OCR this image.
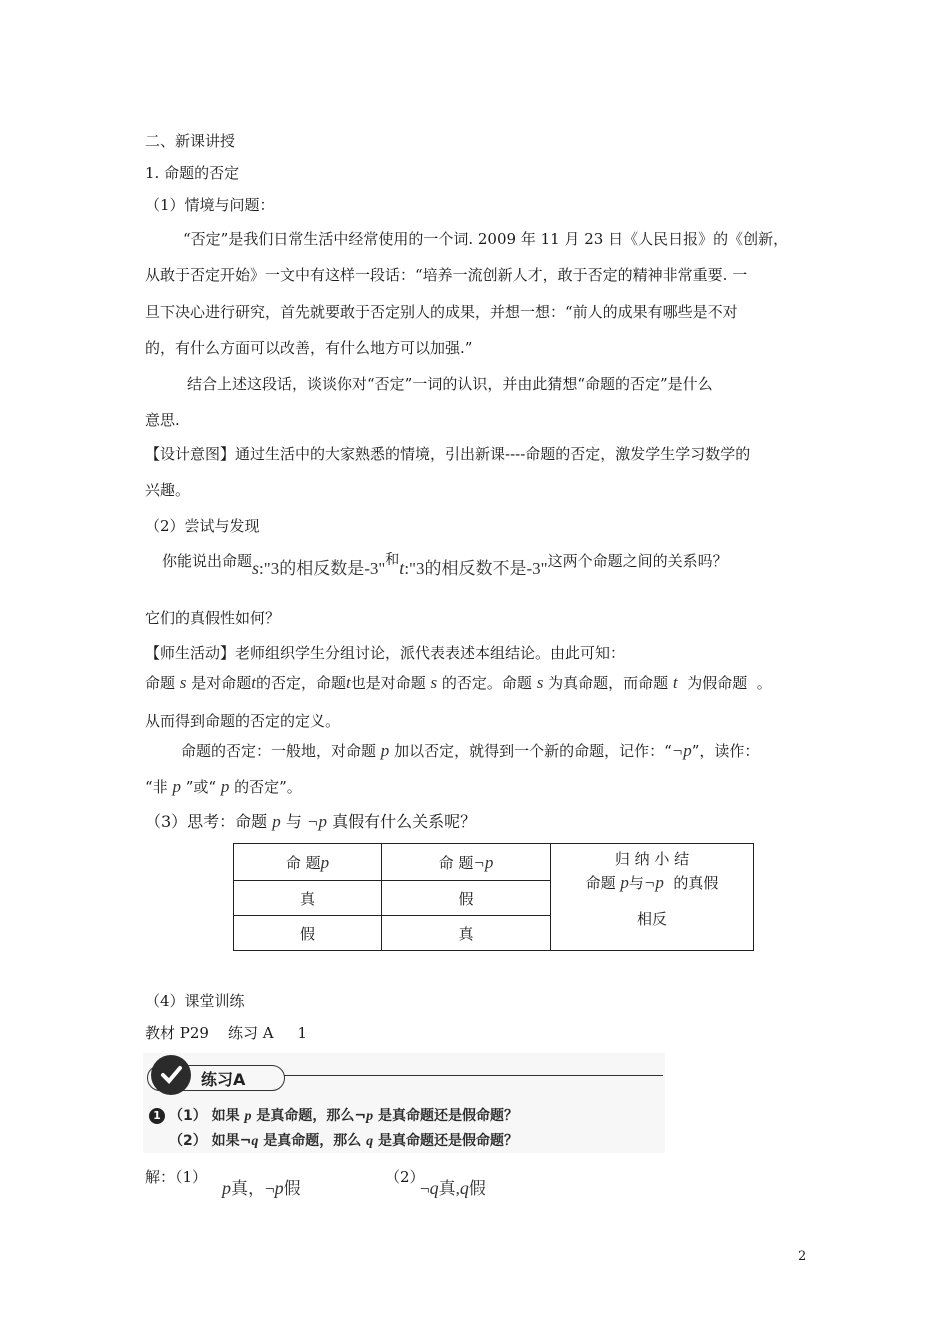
二、新课讲授
1. 命题的否定
（1）情境与问题：
“否定”是我们日常生活中经常使用的一个词. 2009 年 11 月 23 日《人民日报》的《创新，
从敢于否定开始》一文中有这样一段话：“培养一流创新人才，敢于否定的精神非常重要. 一
旦下决心进行研究，首先就要敢于否定别人的成果，并想一想：“前人的成果有哪些是不对
的，有什么方面可以改善，有什么地方可以加强.”
结合上述这段话，谈谈你对“否定”一词的认识，并由此猜想“命题的否定”是什么
意思.
【设计意图】通过生活中的大家熟悉的情境，引出新课----命题的否定，激发学生学习数学的
兴趣。
（2）尝试与发现
你能说出命题s:"3的相反数是-3"和t:"3的相反数不是-3"这两个命题之间的关系吗？
它们的真假性如何？
【师生活动】老师组织学生分组讨论，派代表表述本组结论。由此可知：
命题 s 是对命题t的否定，命题t也是对命题 s 的否定。命题 s 为真命题，而命题 t 为假命题 。
从而得到命题的否定的定义。
命题的否定：一般地，对命题 p 加以否定，就得到一个新的命题，记作：“¬p”，读作：
“非 p ”或“ p 的否定”。
（3）思考：命题 p 与 ¬p 真假有什么关系呢？
命 题p	命 题¬p	归 纳 小 结
命题 p与¬p 的真假
相反

真	假	
假	真	
（4）课堂训练
教材 P29    练习 A     1
练习A
1 （1） 如果 p 是真命题，那么¬p 是真命题还是假命题？
（2） 如果¬q 是真命题，那么 q 是真命题还是假命题？
解：（1）
p真，¬p假
（2）
¬q真,q假
2
